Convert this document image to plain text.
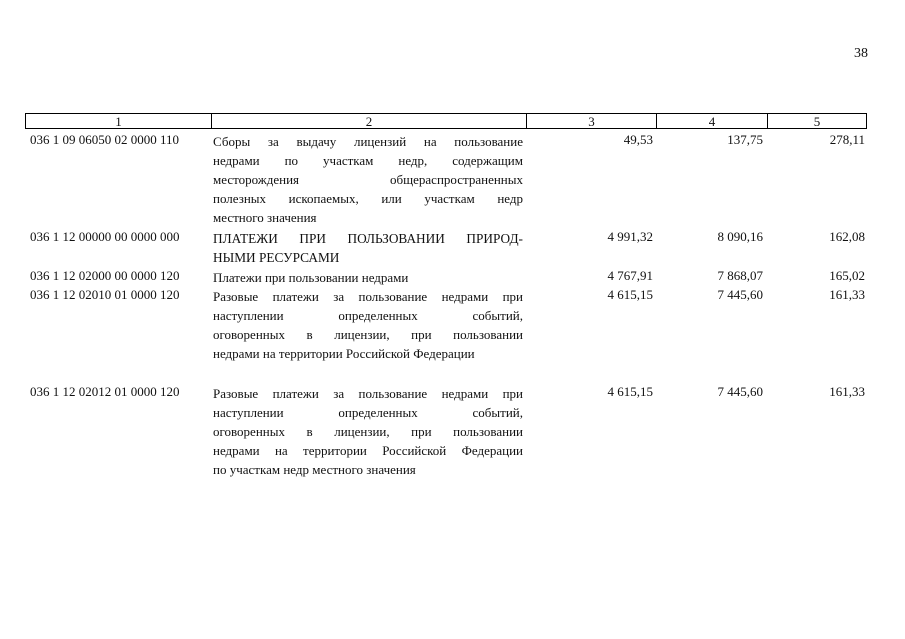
38
1	2	3	4	5
036 1 09 06050 02 0000 110	Сборы за выдачу лицензий на пользование
недрами по участкам недр, содержащим
месторождения общераспространенных
полезных ископаемых, или участкам недр
местного значения
49,53	137,75	278,11
036 1 12 00000 00 0000 000	ПЛАТЕЖИ ПРИ ПОЛЬЗОВАНИИ ПРИРОД-
НЫМИ РЕСУРСАМИ
4 991,32	8 090,16	162,08
036 1 12 02000 00 0000 120	Платежи при пользовании недрами	4 767,91	7 868,07	165,02
036 1 12 02010 01 0000 120	Разовые платежи за пользование недрами при
наступлении определенных событий,
оговоренных в лицензии, при пользовании
недрами на территории Российской Федерации
4 615,15	7 445,60	161,33
036 1 12 02012 01 0000 120	Разовые платежи за пользование недрами при
наступлении определенных событий,
оговоренных в лицензии, при пользовании
недрами на территории Российской Федерации
по участкам недр местного значения
4 615,15	7 445,60	161,33
